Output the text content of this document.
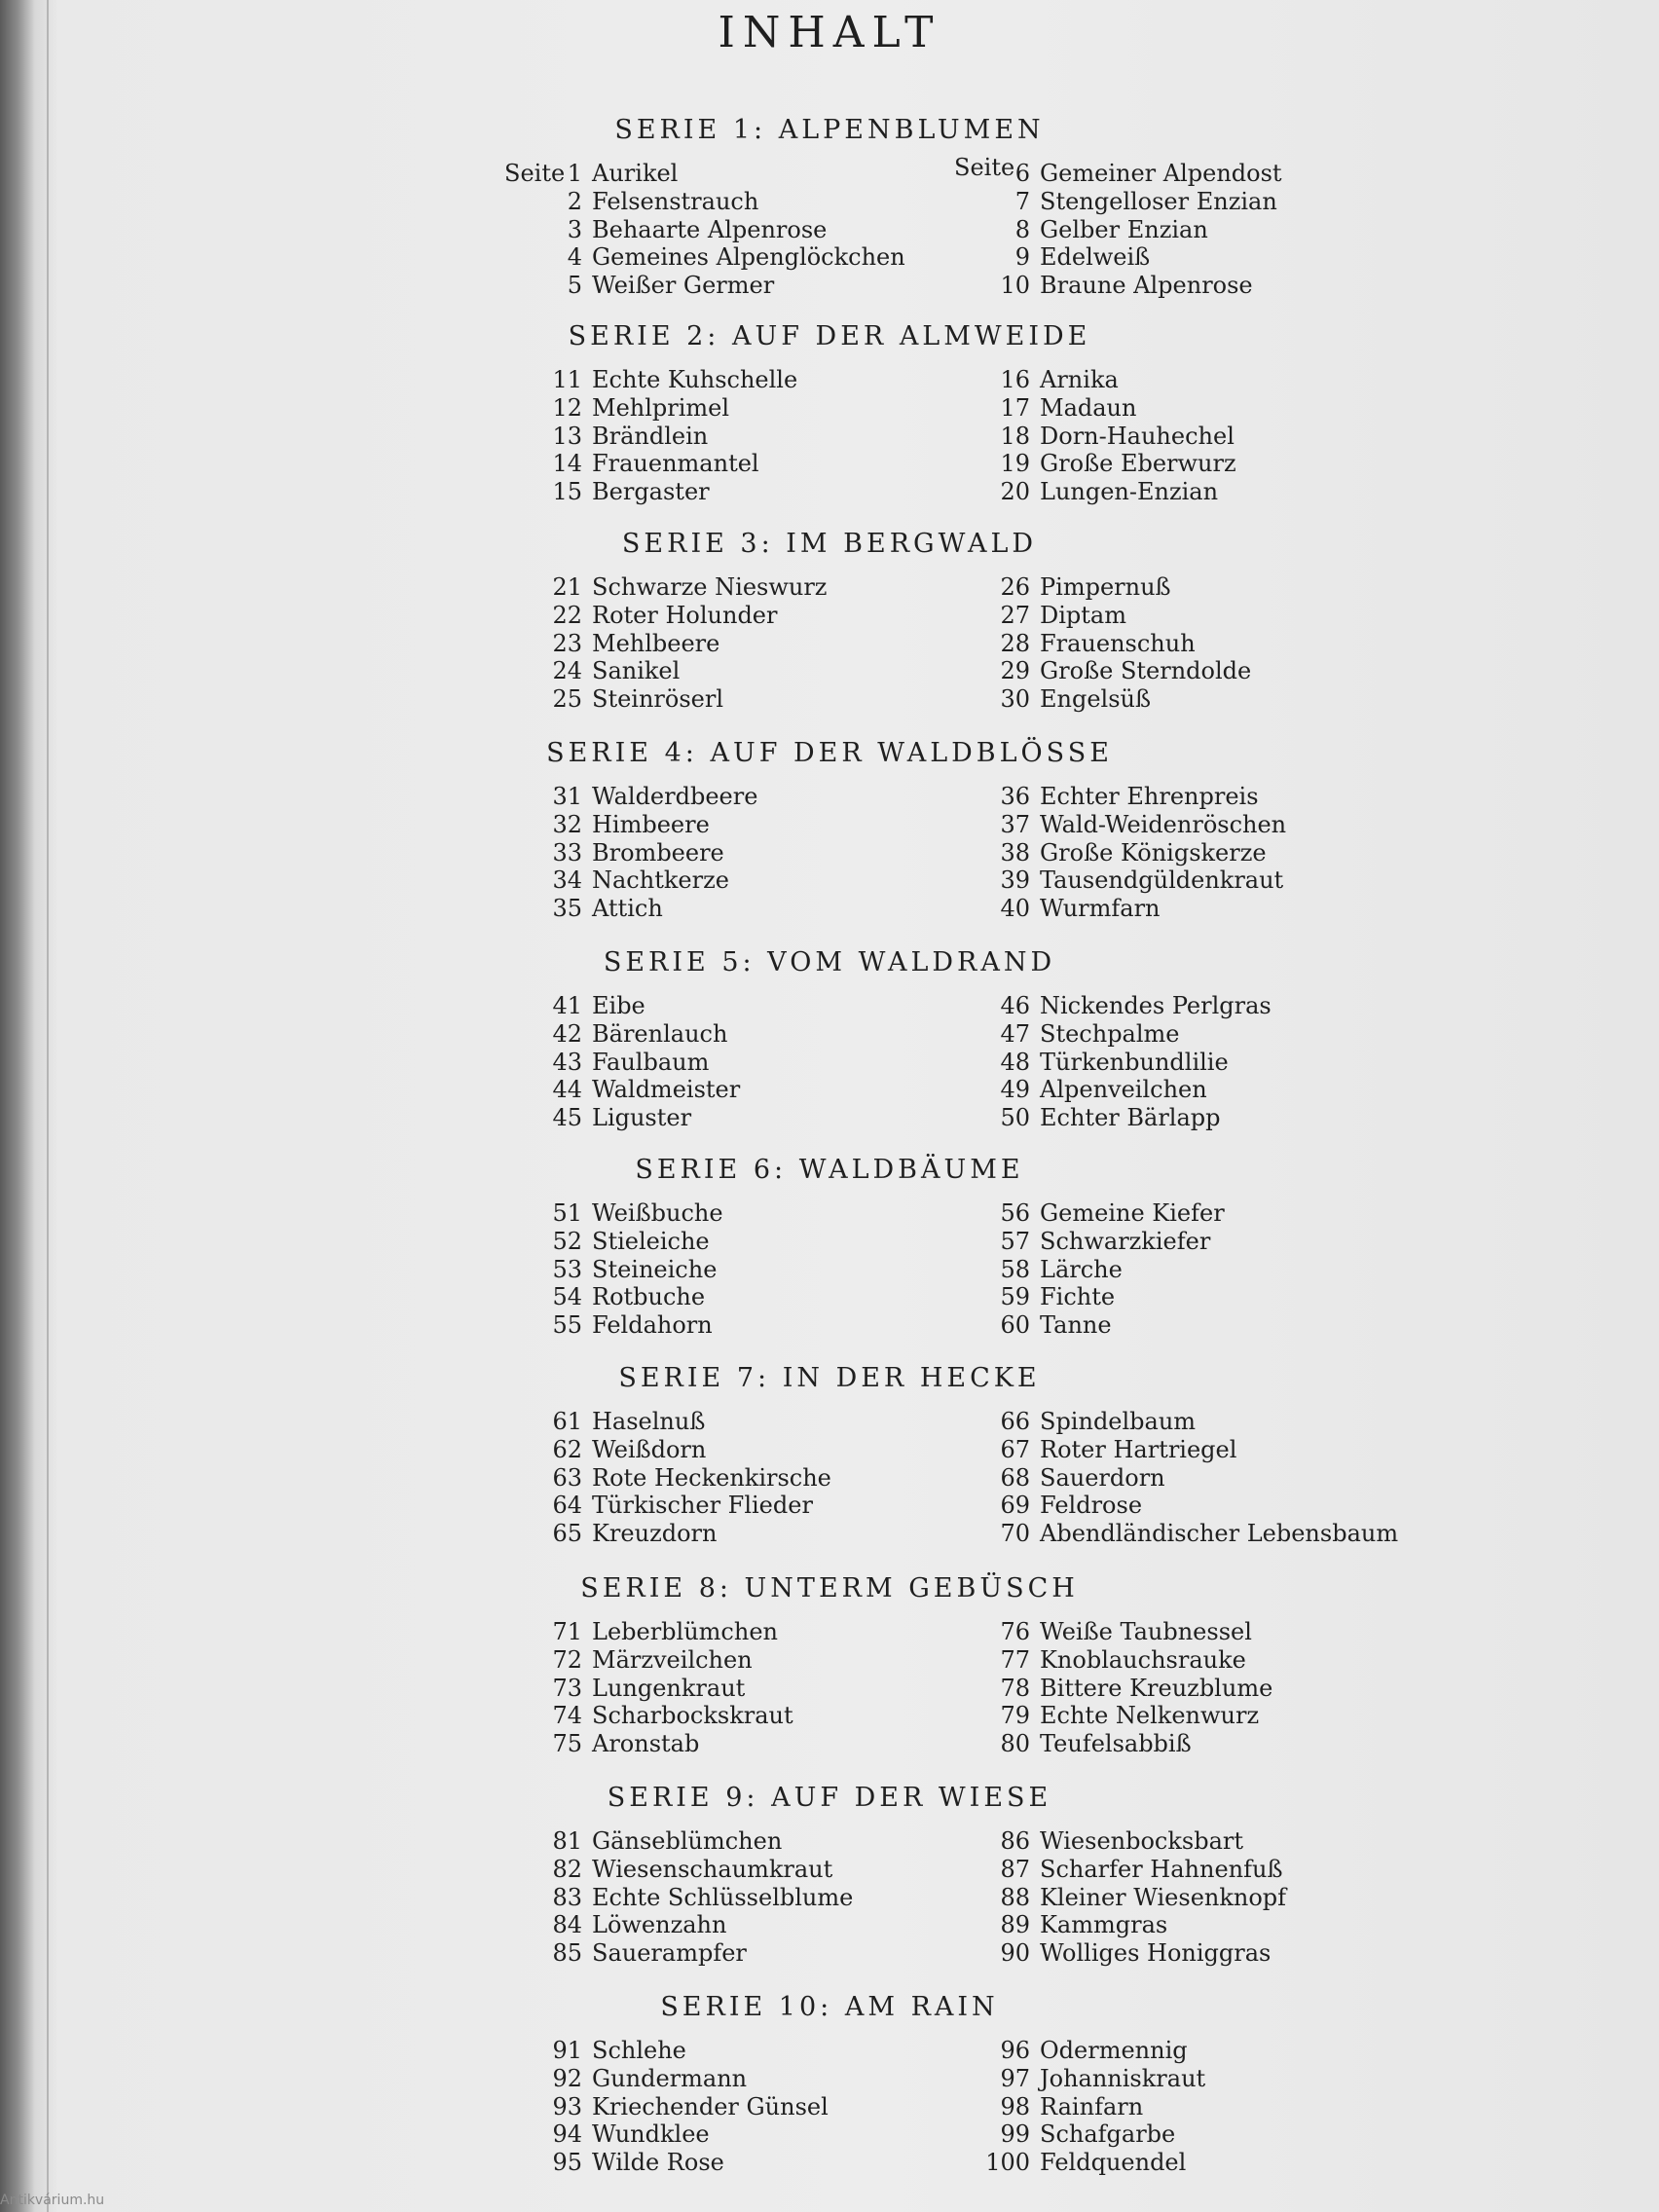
INHALT
SERIE 1: ALPENBLUMEN
1 Aurikel
2 Felsenstrauch
3 Behaarte Alpenrose
4 Gemeines Alpenglöckchen
5 Weißer Germer
6 Gemeiner Alpendost
7 Stengelloser Enzian
8 Gelber Enzian
9 Edelweiß
10 Braune Alpenrose
Seite	Seite
SERIE 2: AUF DER ALMWEIDE
11 Echte Kuhschelle
12 Mehlprimel
13 Brändlein
14 Frauenmantel
15 Bergaster
16 Arnika
17 Madaun
18 Dorn-Hauhechel
19 Große Eberwurz
20 Lungen-Enzian
SERIE 3: IM BERGWALD
21 Schwarze Nieswurz
22 Roter Holunder
23 Mehlbeere
24 Sanikel
25 Steinröserl
26 Pimpernuß
27 Diptam
28 Frauenschuh
29 Große Sterndolde
30 Engelsüß
SERIE 4: AUF DER WALDBLÖSSE
31 Walderdbeere
32 Himbeere
33 Brombeere
34 Nachtkerze
35 Attich
36 Echter Ehrenpreis
37 Wald-Weidenröschen
38 Große Königskerze
39 Tausendgüldenkraut
40 Wurmfarn
SERIE 5: VOM WALDRAND
41 Eibe
42 Bärenlauch
43 Faulbaum
44 Waldmeister
45 Liguster
46 Nickendes Perlgras
47 Stechpalme
48 Türkenbundlilie
49 Alpenveilchen
50 Echter Bärlapp
SERIE 6: WALDBÄUME
51 Weißbuche
52 Stieleiche
53 Steineiche
54 Rotbuche
55 Feldahorn
56 Gemeine Kiefer
57 Schwarzkiefer
58 Lärche
59 Fichte
60 Tanne
SERIE 7: IN DER HECKE
61 Haselnuß
62 Weißdorn
63 Rote Heckenkirsche
64 Türkischer Flieder
65 Kreuzdorn
66 Spindelbaum
67 Roter Hartriegel
68 Sauerdorn
69 Feldrose
70 Abendländischer Lebensbaum
SERIE 8: UNTERM GEBÜSCH
71 Leberblümchen
72 Märzveilchen
73 Lungenkraut
74 Scharbockskraut
75 Aronstab
76 Weiße Taubnessel
77 Knoblauchsrauke
78 Bittere Kreuzblume
79 Echte Nelkenwurz
80 Teufelsabbiß
SERIE 9: AUF DER WIESE
81 Gänseblümchen
82 Wiesenschaumkraut
83 Echte Schlüsselblume
84 Löwenzahn
85 Sauerampfer
86 Wiesenbocksbart
87 Scharfer Hahnenfuß
88 Kleiner Wiesenknopf
89 Kammgras
90 Wolliges Honiggras
SERIE 10: AM RAIN
91 Schlehe
92 Gundermann
93 Kriechender Günsel
94 Wundklee
95 Wilde Rose
96 Odermennig
97 Johanniskraut
98 Rainfarn
99 Schafgarbe
100 Feldquendel
Antikvárium.hu
